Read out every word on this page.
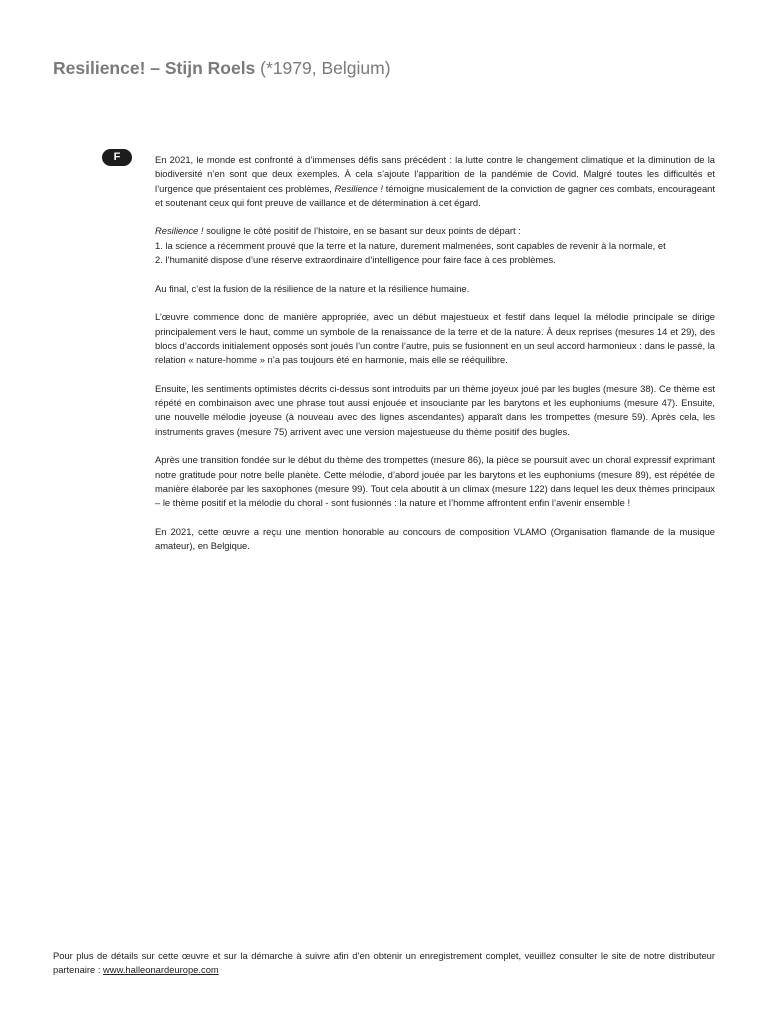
Resilience! – Stijn Roels (*1979, Belgium)
F	En 2021, le monde est confronté à d’immenses défis sans précédent : la lutte contre le changement climatique et la diminution de la biodiversité n’en sont que deux exemples. À cela s’ajoute l’apparition de la pandémie de Covid. Malgré toutes les difficultés et l’urgence que présentaient ces problèmes, Resilience ! témoigne musicalement de la conviction de gagner ces combats, encourageant et soutenant ceux qui font preuve de vaillance et de détermination à cet égard.

Resilience ! souligne le côté positif de l’histoire, en se basant sur deux points de départ :
1. la science a récemment prouvé que la terre et la nature, durement malmenées, sont capables de revenir à la normale, et
2. l’humanité dispose d’une réserve extraordinaire d’intelligence pour faire face à ces problèmes.

Au final, c’est la fusion de la résilience de la nature et la résilience humaine.

L’œuvre commence donc de manière appropriée, avec un début majestueux et festif dans lequel la mélodie principale se dirige principalement vers le haut, comme un symbole de la renaissance de la terre et de la nature. À deux reprises (mesures 14 et 29), des blocs d’accords initialement opposés sont joués l’un contre l’autre, puis se fusionnent en un seul accord harmonieux : dans le passé, la relation « nature-homme » n’a pas toujours été en harmonie, mais elle se rééquilibre.

Ensuite, les sentiments optimistes décrits ci-dessus sont introduits par un thème joyeux joué par les bugles (mesure 38). Ce thème est répété en combinaison avec une phrase tout aussi enjouée et insouciante par les barytons et les euphoniums (mesure 47). Ensuite, une nouvelle mélodie joyeuse (à nouveau avec des lignes ascendantes) apparaît dans les trompettes (mesure 59). Après cela, les instruments graves (mesure 75) arrivent avec une version majestueuse du thème positif des bugles.

Après une transition fondée sur le début du thème des trompettes (mesure 86), la pièce se poursuit avec un choral expressif exprimant notre gratitude pour notre belle planète. Cette mélodie, d’abord jouée par les barytons et les euphoniums (mesure 89), est répétée de manière élaborée par les saxophones (mesure 99). Tout cela aboutit à un climax (mesure 122) dans lequel les deux thèmes principaux – le thème positif et la mélodie du choral - sont fusionnés : la nature et l’homme affrontent enfin l’avenir ensemble !

En 2021, cette œuvre a reçu une mention honorable au concours de composition VLAMO (Organisation flamande de la musique amateur), en Belgique.

Pour plus de détails sur cette œuvre et sur la démarche à suivre afin d’en obtenir un enregistrement complet, veuillez consulter le site de notre distributeur partenaire : www.halleonardeurope.com
